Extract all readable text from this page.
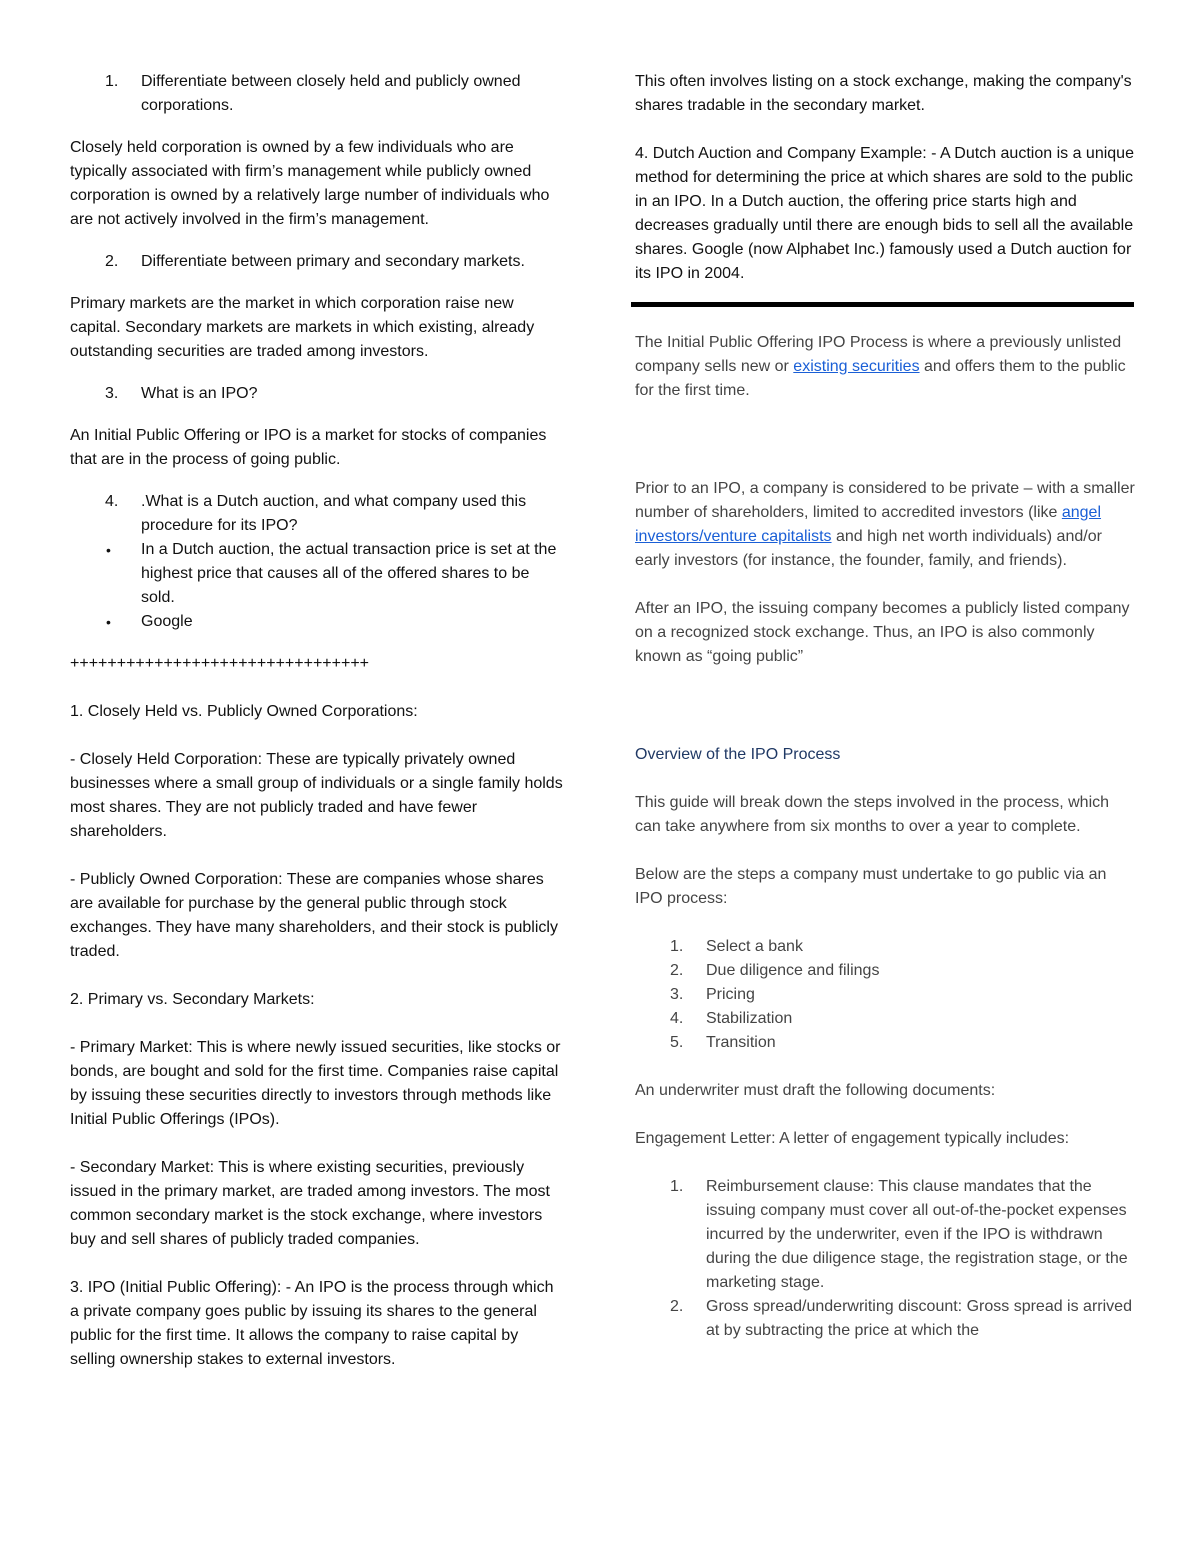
1.	Differentiate between closely held and publicly owned corporations.

Closely held corporation is owned by a few individuals who are typically associated with firm’s management while publicly owned corporation is owned by a relatively large number of individuals who are not actively involved in the firm’s management.

2.	Differentiate between primary and secondary markets.

Primary markets are the market in which corporation raise new capital. Secondary markets are markets in which existing, already outstanding securities are traded among investors.

3.	What is an IPO?

An Initial Public Offering or IPO is a market for stocks of companies that are in the process of going public.

4.	.What is a Dutch auction, and what company used this procedure for its IPO?
•	In a Dutch auction, the actual transaction price is set at the highest price that causes all of the offered shares to be sold.
•	Google

++++++++++++++++++++++++++++++++

1. Closely Held vs. Publicly Owned Corporations:

- Closely Held Corporation: These are typically privately owned businesses where a small group of individuals or a single family holds most shares. They are not publicly traded and have fewer shareholders.

- Publicly Owned Corporation: These are companies whose shares are available for purchase by the general public through stock exchanges. They have many shareholders, and their stock is publicly traded.

2. Primary vs. Secondary Markets:

- Primary Market: This is where newly issued securities, like stocks or bonds, are bought and sold for the first time. Companies raise capital by issuing these securities directly to investors through methods like Initial Public Offerings (IPOs).

- Secondary Market: This is where existing securities, previously issued in the primary market, are traded among investors. The most common secondary market is the stock exchange, where investors buy and sell shares of publicly traded companies.

3. IPO (Initial Public Offering): - An IPO is the process through which a private company goes public by issuing its shares to the general public for the first time. It allows the company to raise capital by selling ownership stakes to external investors.

This often involves listing on a stock exchange, making the company's shares tradable in the secondary market.

4. Dutch Auction and Company Example: - A Dutch auction is a unique method for determining the price at which shares are sold to the public in an IPO. In a Dutch auction, the offering price starts high and decreases gradually until there are enough bids to sell all the available shares. Google (now Alphabet Inc.) famously used a Dutch auction for its IPO in 2004.

The Initial Public Offering IPO Process is where a previously unlisted company sells new or existing securities and offers them to the public for the first time.

Prior to an IPO, a company is considered to be private – with a smaller number of shareholders, limited to accredited investors (like angel investors/venture capitalists and high net worth individuals) and/or early investors (for instance, the founder, family, and friends).

After an IPO, the issuing company becomes a publicly listed company on a recognized stock exchange. Thus, an IPO is also commonly known as “going public”

Overview of the IPO Process

This guide will break down the steps involved in the process, which can take anywhere from six months to over a year to complete.

Below are the steps a company must undertake to go public via an IPO process:

1.	Select a bank
2.	Due diligence and filings
3.	Pricing
4.	Stabilization
5.	Transition

An underwriter must draft the following documents:

Engagement Letter: A letter of engagement typically includes:

1.	Reimbursement clause: This clause mandates that the issuing company must cover all out-of-the-pocket expenses incurred by the underwriter, even if the IPO is withdrawn during the due diligence stage, the registration stage, or the marketing stage.
2.	Gross spread/underwriting discount: Gross spread is arrived at by subtracting the price at which the
